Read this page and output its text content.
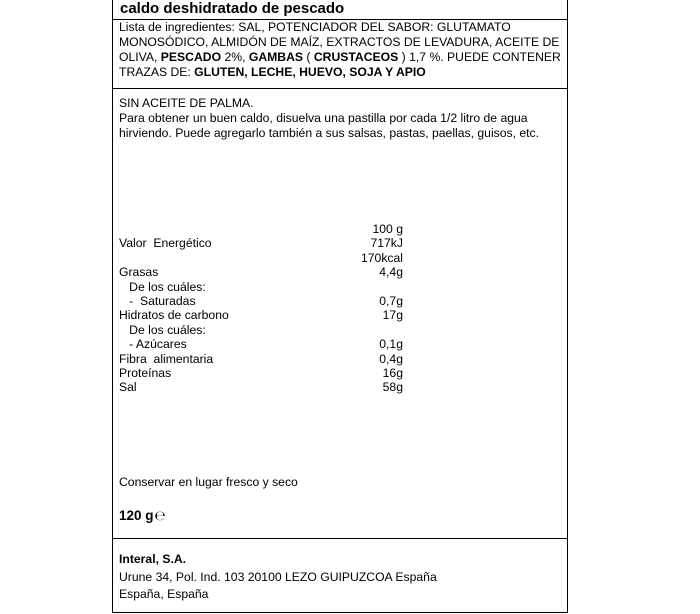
caldo deshidratado de pescado
Lista de ingredientes: SAL, POTENCIADOR DEL SABOR: GLUTAMATO MONOSÓDICO, ALMIDÓN DE MAÍZ, EXTRACTOS DE LEVADURA, ACEITE DE OLIVA, PESCADO 2%, GAMBAS ( CRUSTACEOS ) 1,7 %. PUEDE CONTENER TRAZAS DE: GLUTEN, LECHE, HUEVO, SOJA Y APIO
SIN ACEITE DE PALMA.
Para obtener un buen caldo, disuelva una pastilla por cada 1/2 litro de agua hirviendo. Puede agregarlo también a sus salsas, pastas, paellas, guisos, etc.
100 g
Valor  Energético	717kJ
170kcal
Grasas	4,4g
De los cuáles:
-  Saturadas	0,7g
Hidratos de carbono	17g
De los cuáles:
- Azúcares	0,1g
Fibra  alimentaria	0,4g
Proteínas	16g
Sal	58g
Conservar en lugar fresco y seco
120 g℮
Interal, S.A.
Urune 34, Pol. Ind. 103 20100 LEZO GUIPUZCOA España
España, España
